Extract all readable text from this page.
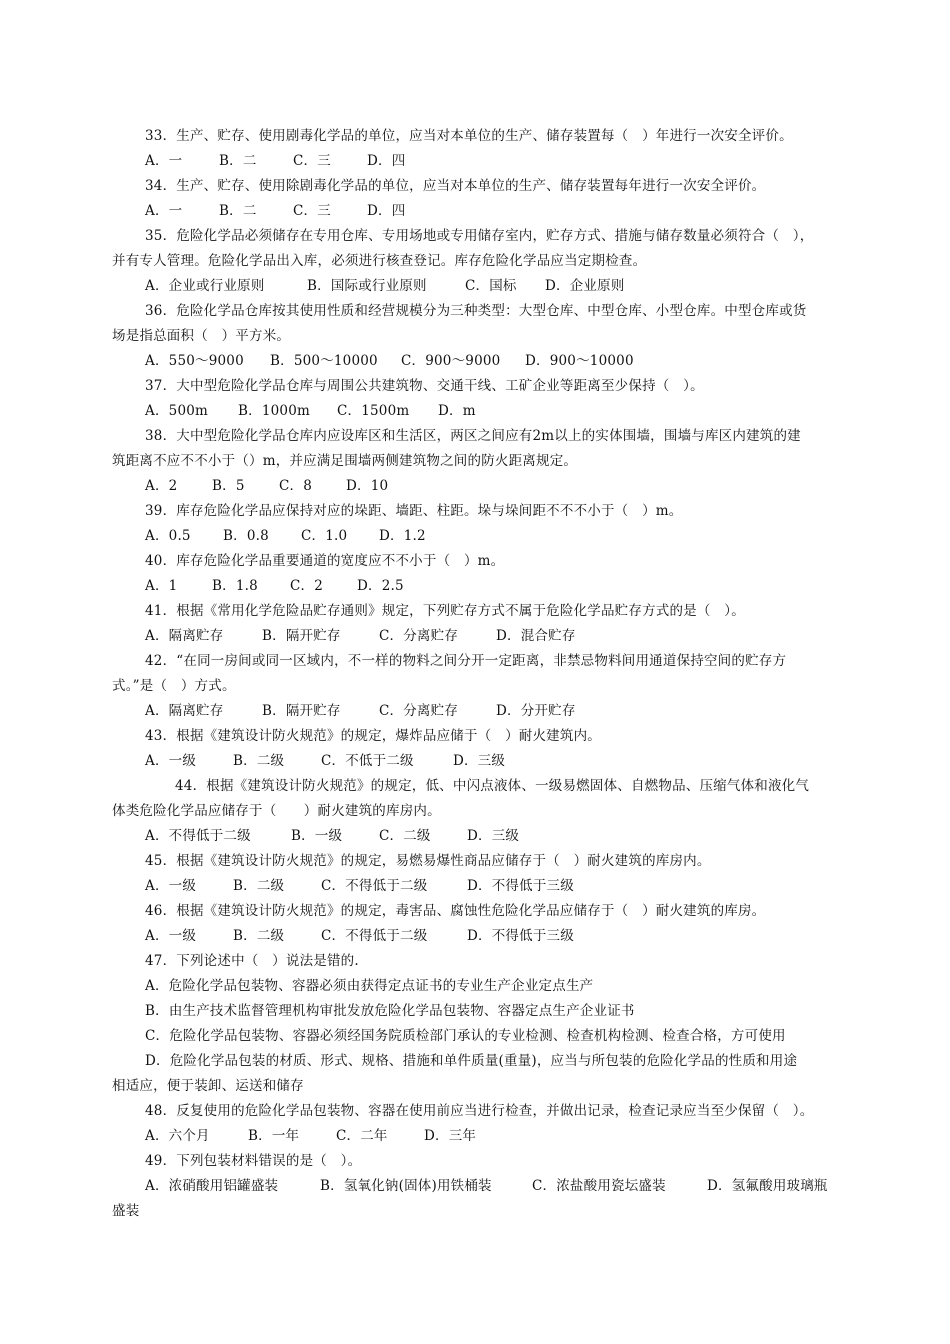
33．生产、贮存、使用剧毒化学品的单位，应当对本单位的生产、储存装置每（　）年进行一次安全评价。

A．一	B．二	C．三	D．四

34．生产、贮存、使用除剧毒化学品的单位，应当对本单位的生产、储存装置每年进行一次安全评价。

A．一	B．二	C．三	D．四

35．危险化学品必须储存在专用仓库、专用场地或专用储存室内，贮存方式、措施与储存数量必须符合（　），

并有专人管理。危险化学品出入库，必须进行核查登记。库存危险化学品应当定期检查。

A．企业或行业原则	B．国际或行业原则	C．国标 D．企业原则

36．危险化学品仓库按其使用性质和经营规模分为三种类型：大型仓库、中型仓库、小型仓库。中型仓库或货

场是指总面积（　）平方米。

A．550～9000 B．500～10000 C．900～9000 D．900～10000

37．大中型危险化学品仓库与周围公共建筑物、交通干线、工矿企业等距离至少保持（　）。

A．500m B．1000m C．1500m D．m

38．大中型危险化学品仓库内应设库区和生活区，两区之间应有2m以上的实体围墙，围墙与库区内建筑的建

筑距离不应不不小于（）m，并应满足围墙两侧建筑物之间的防火距离规定。

A．2	B．5	C．8	D．10

39．库存危险化学品应保持对应的垛距、墙距、柱距。垛与垛间距不不不小于（　）m。

A．0.5 B．0.8 C．1.0 D．1.2

40．库存危险化学品重要通道的宽度应不不小于（　）m。

A．1	B．1.8 C．2	D．2.5

41．根据《常用化学危险品贮存通则》规定，下列贮存方式不属于危险化学品贮存方式的是（　）。

A．隔离贮存	B．隔开贮存	C．分离贮存	D．混合贮存

42．“在同一房间或同一区域内，不一样的物料之间分开一定距离，非禁忌物料间用通道保持空间的贮存方

式。”是（　）方式。

A．隔离贮存	B．隔开贮存	C．分离贮存	D．分开贮存

43．根据《建筑设计防火规范》的规定，爆炸品应储于（　）耐火建筑内。

A．一级	B．二级	C．不低于二级	D．三级

44．根据《建筑设计防火规范》的规定，低、中闪点液体、一级易燃固体、自燃物品、压缩气体和液化气

体类危险化学品应储存于（　　）耐火建筑的库房内。

A．不得低于二级	B．一级	C．二级	D．三级

45．根据《建筑设计防火规范》的规定，易燃易爆性商品应储存于（　）耐火建筑的库房内。

A．一级	B．二级	C．不得低于二级	D．不得低于三级

46．根据《建筑设计防火规范》的规定，毒害品、腐蚀性危险化学品应储存于（　）耐火建筑的库房。

A．一级	B．二级	C．不得低于二级	D．不得低于三级

47．下列论述中（　）说法是错的.

A．危险化学品包装物、容器必须由获得定点证书的专业生产企业定点生产

B．由生产技术监督管理机构审批发放危险化学品包装物、容器定点生产企业证书

C．危险化学品包装物、容器必须经国务院质检部门承认的专业检测、检查机构检测、检查合格，方可使用

D．危险化学品包装的材质、形式、规格、措施和单件质量(重量)，应当与所包装的危险化学品的性质和用途

相适应，便于装卸、运送和储存

48．反复使用的危险化学品包装物、容器在使用前应当进行检查，并做出记录，检查记录应当至少保留（　）。

A．六个月	B．一年	C．二年	D．三年

49．下列包装材料错误的是（　）。

A．浓硝酸用铝罐盛装	B．氢氧化钠(固体)用铁桶装	C．浓盐酸用瓷坛盛装	D．氢氟酸用玻璃瓶

盛装
